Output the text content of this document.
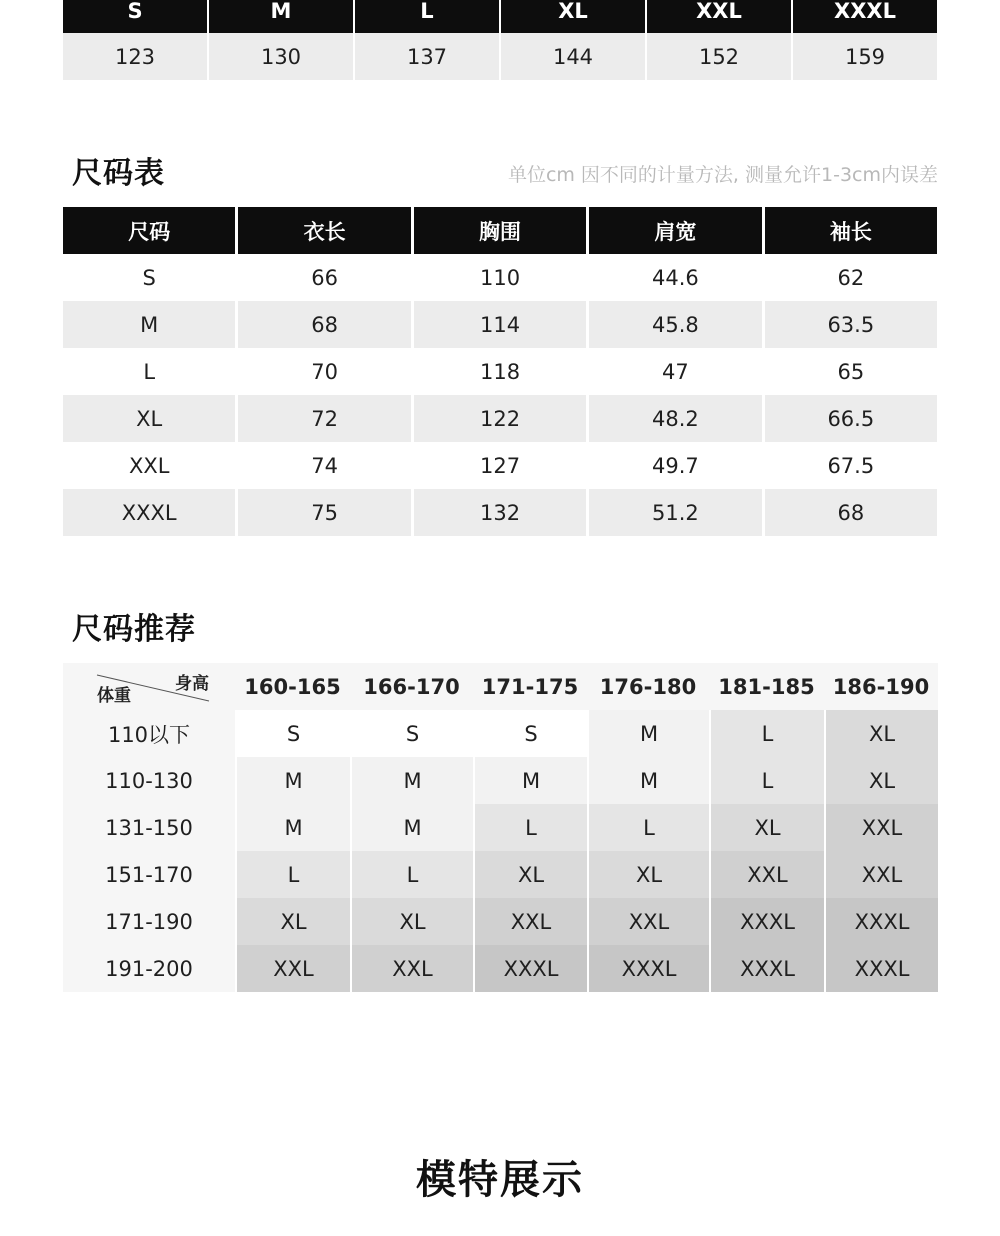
S	M	L	XL	XXL	XXXL
123	130	137	144	152	159
尺码表	单位cm 因不同的计量方法, 测量允许1-3cm内误差
尺码	衣长	胸围	肩宽	袖长
S	66	110	44.6	62
M	68	114	45.8	63.5
L	70	118	47	65
XL	72	122	48.2	66.5
XXL	74	127	49.7	67.5
XXXL	75	132	51.2	68
尺码推荐
身高
体重	160-165	166-170	171-175	176-180	181-185 186-190
110以下	S	S	S	M	L	XL
110-130	M	M	M	M	L	XL
131-150	M	M	L	L	XL	XXL
151-170	L	L	XL	XL	XXL	XXL
171-190	XL	XL	XXL	XXL	XXXL	XXXL
191-200	XXL	XXL	XXXL	XXXL	XXXL	XXXL
模特展示
